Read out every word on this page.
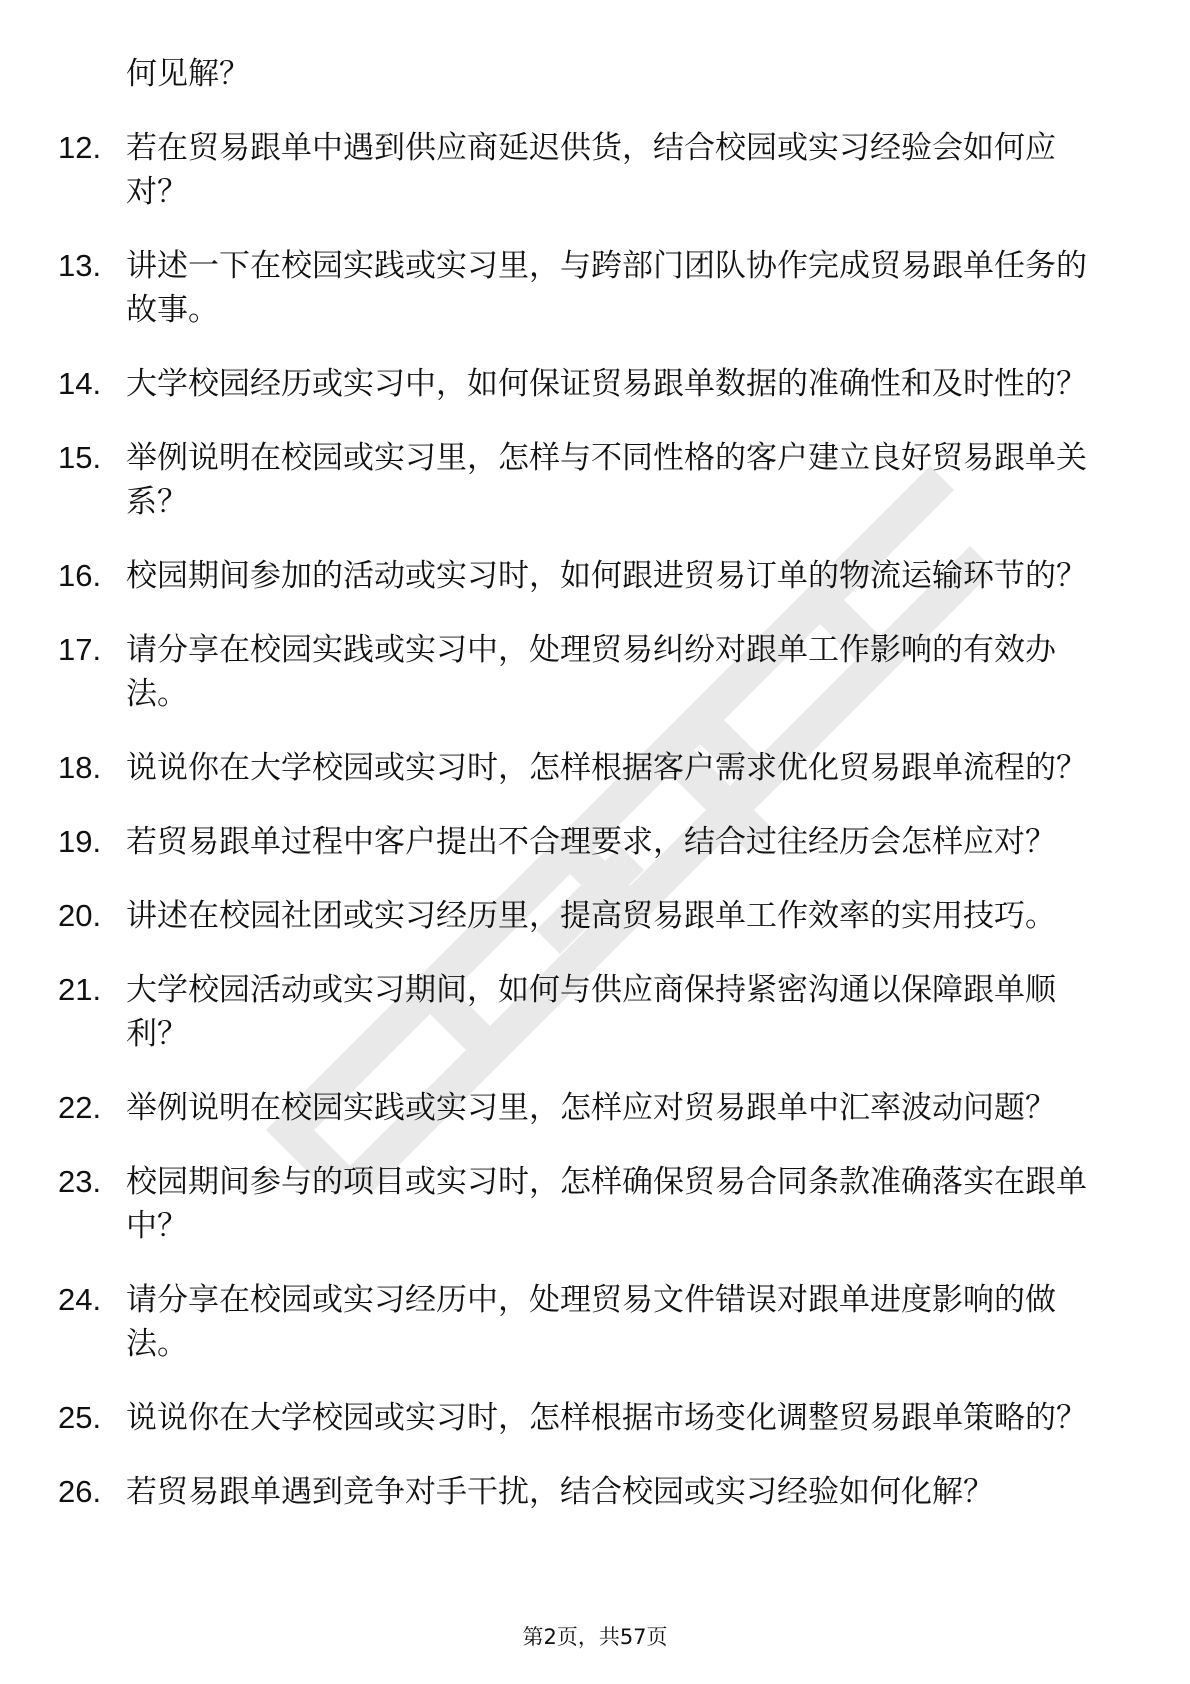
何见解？

12. 若在贸易跟单中遇到供应商延迟供货，结合校园或实习经验会如何应对？
13. 讲述一下在校园实践或实习里，与跨部门团队协作完成贸易跟单任务的故事。
14. 大学校园经历或实习中，如何保证贸易跟单数据的准确性和及时性的？
15. 举例说明在校园或实习里，怎样与不同性格的客户建立良好贸易跟单关系？
16. 校园期间参加的活动或实习时，如何跟进贸易订单的物流运输环节的？
17. 请分享在校园实践或实习中，处理贸易纠纷对跟单工作影响的有效办法。
18. 说说你在大学校园或实习时，怎样根据客户需求优化贸易跟单流程的？
19. 若贸易跟单过程中客户提出不合理要求，结合过往经历会怎样应对？
20. 讲述在校园社团或实习经历里，提高贸易跟单工作效率的实用技巧。
21. 大学校园活动或实习期间，如何与供应商保持紧密沟通以保障跟单顺利？
22. 举例说明在校园实践或实习里，怎样应对贸易跟单中汇率波动问题？
23. 校园期间参与的项目或实习时，怎样确保贸易合同条款准确落实在跟单中？
24. 请分享在校园或实习经历中，处理贸易文件错误对跟单进度影响的做法。
25. 说说你在大学校园或实习时，怎样根据市场变化调整贸易跟单策略的？
26. 若贸易跟单遇到竞争对手干扰，结合校园或实习经验如何化解？
第2页，共57页
